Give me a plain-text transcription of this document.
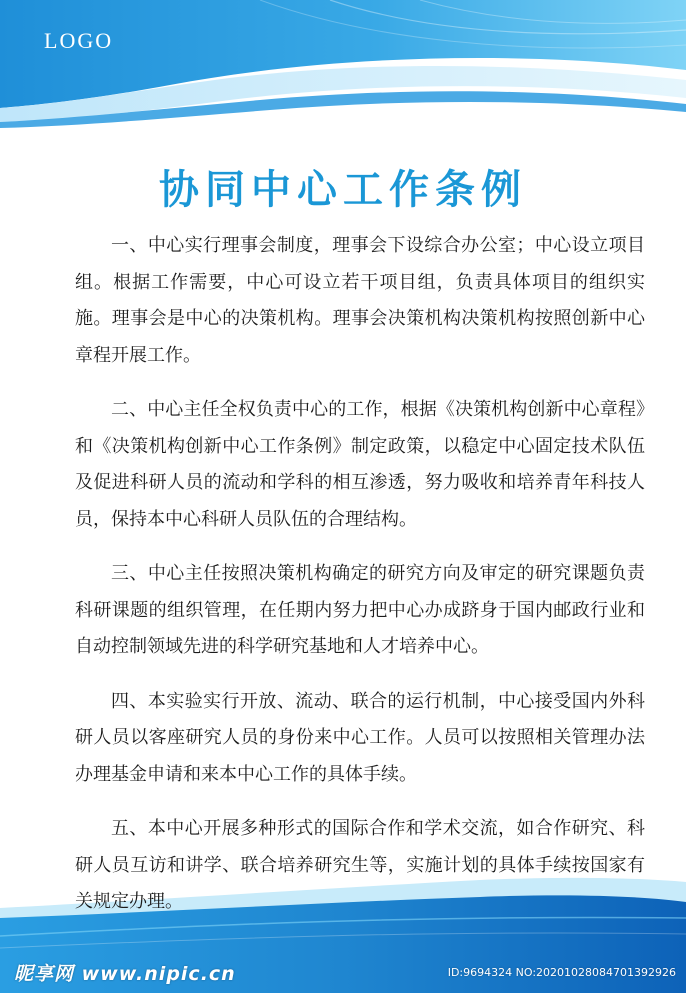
LOGO
协同中心工作条例

一、中心实行理事会制度，理事会下设综合办公室；中心设立项目组。根据工作需要，中心可设立若干项目组，负责具体项目的组织实施。理事会是中心的决策机构。理事会决策机构决策机构按照创新中心章程开展工作。

二、中心主任全权负责中心的工作，根据《决策机构创新中心章程》和《决策机构创新中心工作条例》制定政策，以稳定中心固定技术队伍及促进科研人员的流动和学科的相互渗透，努力吸收和培养青年科技人员，保持本中心科研人员队伍的合理结构。

三、中心主任按照决策机构确定的研究方向及审定的研究课题负责科研课题的组织管理，在任期内努力把中心办成跻身于国内邮政行业和自动控制领域先进的科学研究基地和人才培养中心。

四、本实验实行开放、流动、联合的运行机制，中心接受国内外科研人员以客座研究人员的身份来中心工作。人员可以按照相关管理办法办理基金申请和来本中心工作的具体手续。

五、本中心开展多种形式的国际合作和学术交流，如合作研究、科研人员互访和讲学、联合培养研究生等，实施计划的具体手续按国家有关规定办理。

昵享网 www.nipic.cn	ID:9694324 NO:20201028084701392926
